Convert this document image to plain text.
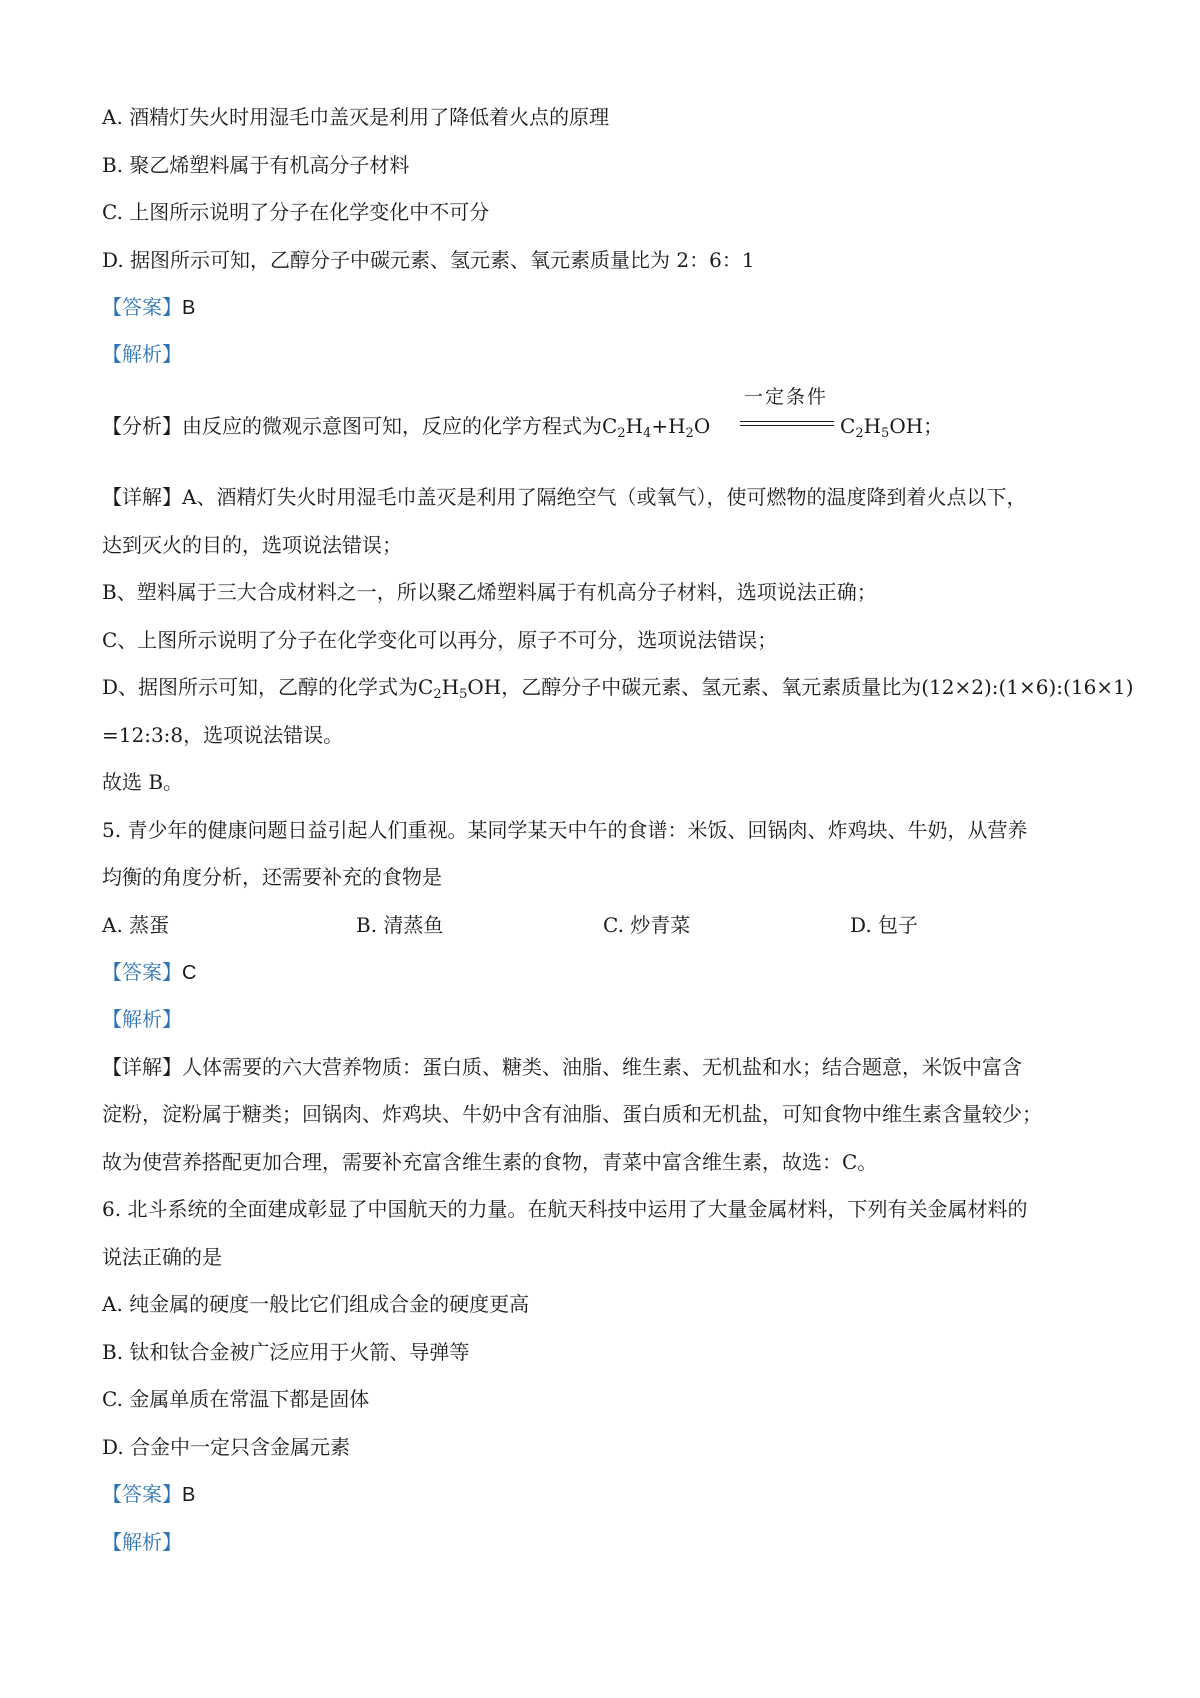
A. 酒精灯失火时用湿毛巾盖灭是利用了降低着火点的原理
B. 聚乙烯塑料属于有机高分子材料
C. 上图所示说明了分子在化学变化中不可分
D. 据图所示可知，乙醇分子中碳元素、氢元素、氧元素质量比为 2：6：1
【答案】B
【解析】
【分析】由反应的微观示意图可知，反应的化学方程式为$C_2H_4+H_2O$
一定条件
$C_2H_5OH$；
【详解】A、酒精灯失火时用湿毛巾盖灭是利用了隔绝空气（或氧气），使可燃物的温度降到着火点以下，
达到灭火的目的，选项说法错误；
B、塑料属于三大合成材料之一，所以聚乙烯塑料属于有机高分子材料，选项说法正确；
C、上图所示说明了分子在化学变化可以再分，原子不可分，选项说法错误；
D、据图所示可知，乙醇的化学式为$C_2H_5OH$，乙醇分子中碳元素、氢元素、氧元素质量比为(12×2):(1×6):(16×1)
=12:3:8，选项说法错误。
故选 B。
5. 青少年的健康问题日益引起人们重视。某同学某天中午的食谱：米饭、回锅肉、炸鸡块、牛奶，从营养
均衡的角度分析，还需要补充的食物是
A. 蒸蛋	B. 清蒸鱼	C. 炒青菜	D. 包子
【答案】C
【解析】
【详解】人体需要的六大营养物质：蛋白质、糖类、油脂、维生素、无机盐和水；结合题意，米饭中富含
淀粉，淀粉属于糖类；回锅肉、炸鸡块、牛奶中含有油脂、蛋白质和无机盐，可知食物中维生素含量较少；
故为使营养搭配更加合理，需要补充富含维生素的食物，青菜中富含维生素，故选：C。
6. 北斗系统的全面建成彰显了中国航天的力量。在航天科技中运用了大量金属材料，下列有关金属材料的
说法正确的是
A. 纯金属的硬度一般比它们组成合金的硬度更高
B. 钛和钛合金被广泛应用于火箭、导弹等
C. 金属单质在常温下都是固体
D. 合金中一定只含金属元素
【答案】B
【解析】
